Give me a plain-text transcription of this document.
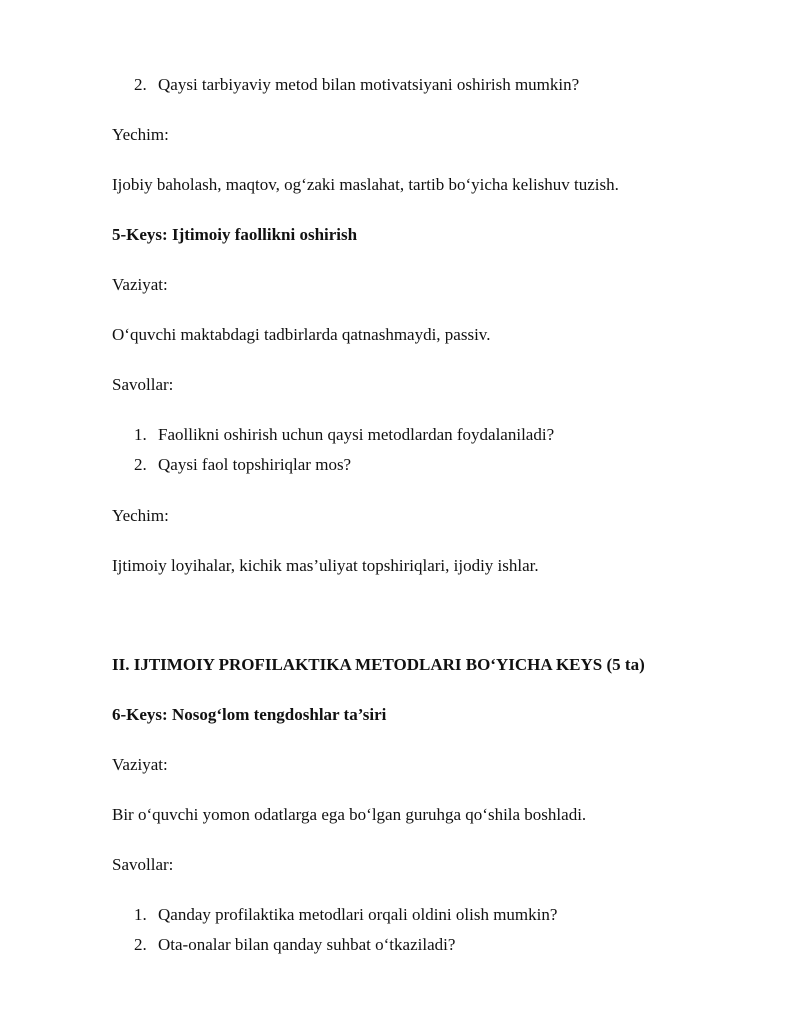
2. Qaysi tarbiyaviy metod bilan motivatsiyani oshirish mumkin?
Yechim:
Ijobiy baholash, maqtov, og‘zaki maslahat, tartib bo‘yicha kelishuv tuzish.
5-Keys: Ijtimoiy faollikni oshirish
Vaziyat:
O‘quvchi maktabdagi tadbirlarda qatnashmaydi, passiv.
Savollar:
1. Faollikni oshirish uchun qaysi metodlardan foydalaniladi?
2. Qaysi faol topshiriqlar mos?
Yechim:
Ijtimoiy loyihalar, kichik mas’uliyat topshiriqlari, ijodiy ishlar.
II. IJTIMOIY PROFILAKTIKA METODLARI BO‘YICHA KEYS (5 ta)
6-Keys: Nosog‘lom tengdoshlar ta’siri
Vaziyat:
Bir o‘quvchi yomon odatlarga ega bo‘lgan guruhga qo‘shila boshladi.
Savollar:
1. Qanday profilaktika metodlari orqali oldini olish mumkin?
2. Ota-onalar bilan qanday suhbat o‘tkaziladi?
